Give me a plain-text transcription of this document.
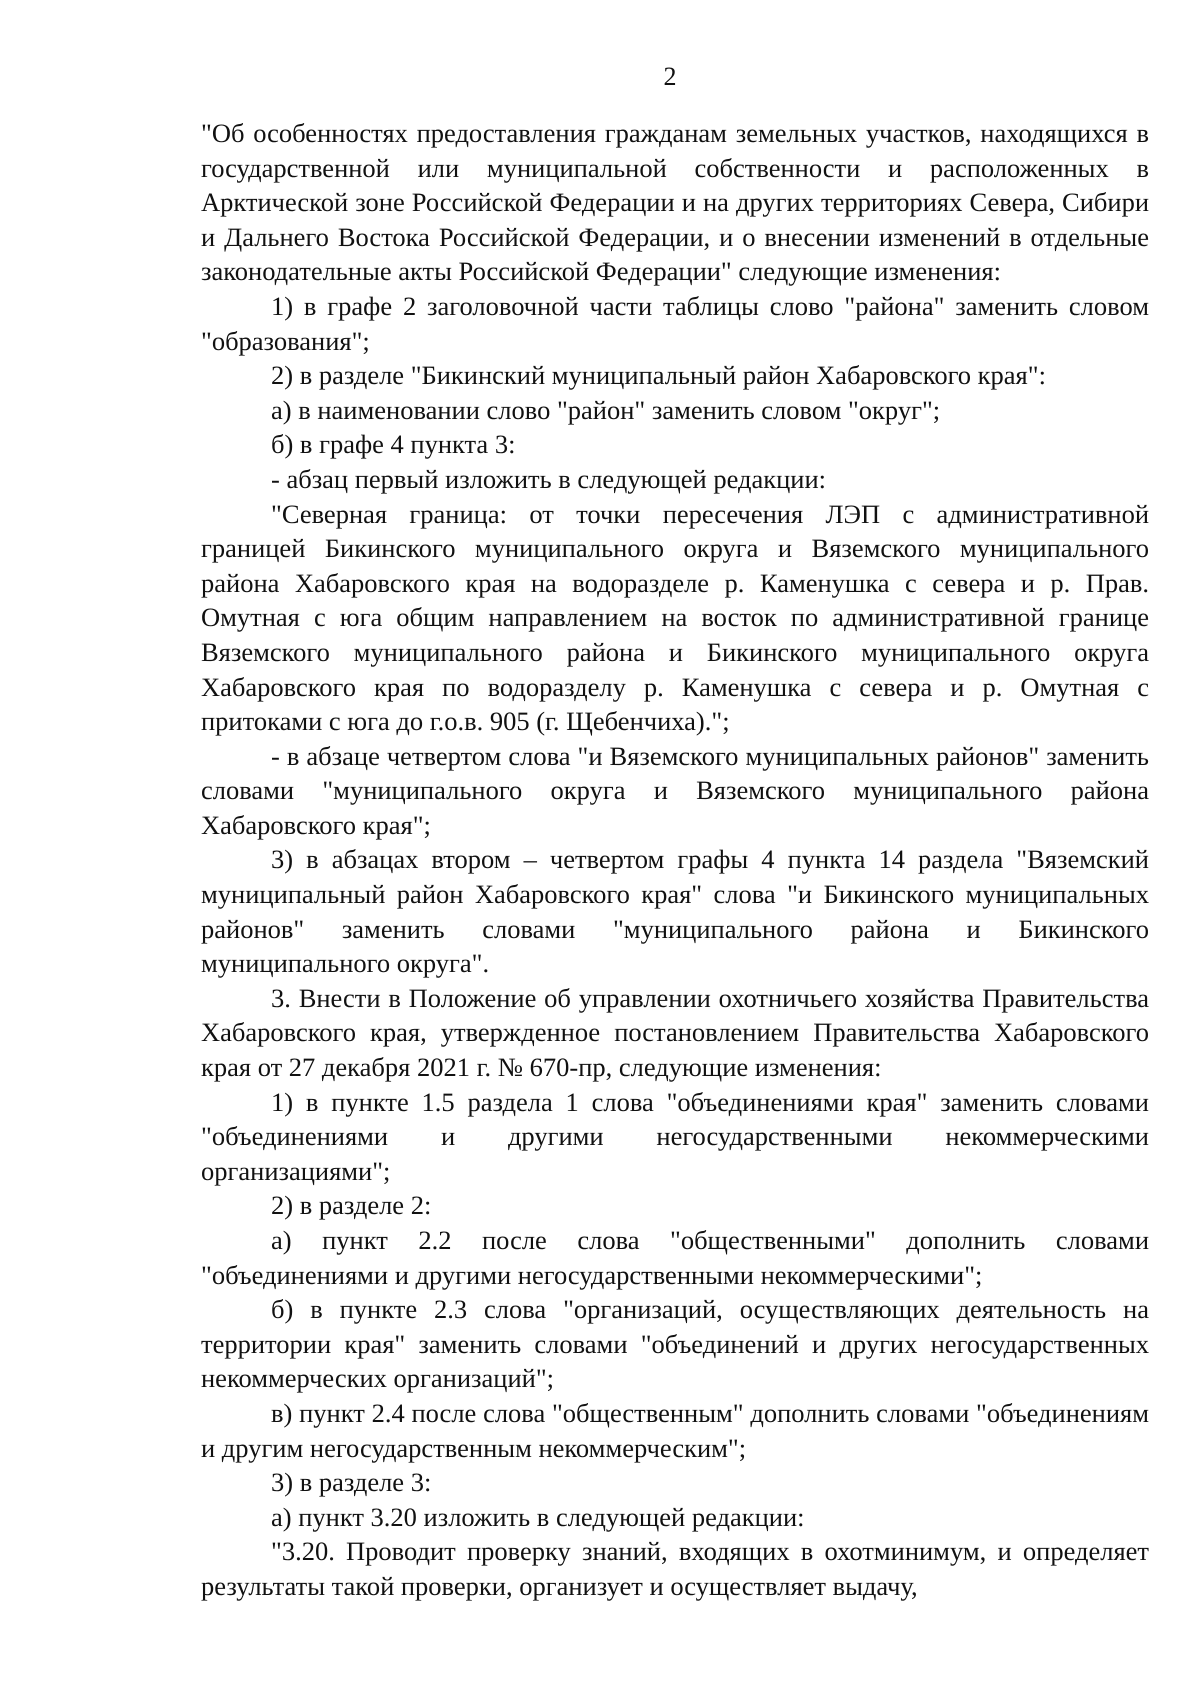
2

"Об особенностях предоставления гражданам земельных участков, находящихся в государственной или муниципальной собственности и расположенных в Арктической зоне Российской Федерации и на других территориях Севера, Сибири и Дальнего Востока Российской Федерации, и о внесении изменений в отдельные законодательные акты Российской Федерации" следующие изменения:

1) в графе 2 заголовочной части таблицы слово "района" заменить словом "образования";

2) в разделе "Бикинский муниципальный район Хабаровского края":

а) в наименовании слово "район" заменить словом "округ";

б) в графе 4 пункта 3:

- абзац первый изложить в следующей редакции:

"Северная граница: от точки пересечения ЛЭП с административной границей Бикинского муниципального округа и Вяземского муниципального района Хабаровского края на водоразделе р. Каменушка с севера и р. Прав. Омутная с юга общим направлением на восток по административной границе Вяземского муниципального района и Бикинского муниципального округа Хабаровского края по водоразделу р. Каменушка с севера и р. Омутная с притоками с юга до г.о.в. 905 (г. Щебенчиха).";

- в абзаце четвертом слова "и Вяземского муниципальных районов" заменить словами "муниципального округа и Вяземского муниципального района Хабаровского края";

3) в абзацах втором – четвертом графы 4 пункта 14 раздела "Вяземский муниципальный район Хабаровского края" слова "и Бикинского муниципальных районов" заменить словами "муниципального района и Бикинского муниципального округа".

3. Внести в Положение об управлении охотничьего хозяйства Правительства Хабаровского края, утвержденное постановлением Правительства Хабаровского края от 27 декабря 2021 г. № 670-пр, следующие изменения:

1) в пункте 1.5 раздела 1 слова "объединениями края" заменить словами "объединениями и другими негосударственными некоммерческими организациями";

2) в разделе 2:

а) пункт 2.2 после слова "общественными" дополнить словами "объединениями и другими негосударственными некоммерческими";

б) в пункте 2.3 слова "организаций, осуществляющих деятельность на территории края" заменить словами "объединений и других негосударственных некоммерческих организаций";

в) пункт 2.4 после слова "общественным" дополнить словами "объединениям и другим негосударственным некоммерческим";

3) в разделе 3:

а) пункт 3.20 изложить в следующей редакции:

"3.20. Проводит проверку знаний, входящих в охотминимум, и определяет результаты такой проверки, организует и осуществляет выдачу,
